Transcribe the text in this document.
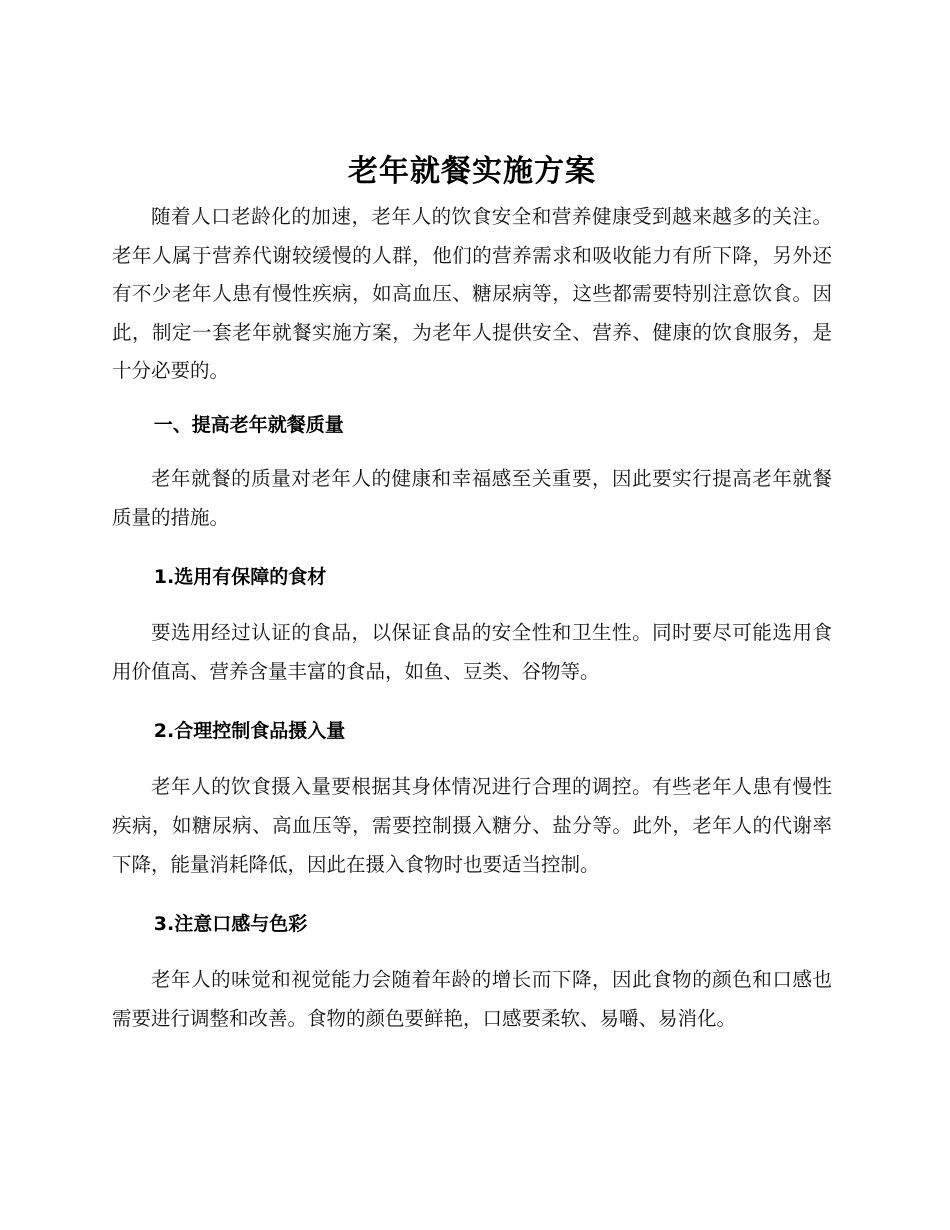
老年就餐实施方案

随着人口老龄化的加速，老年人的饮食安全和营养健康受到越来越多的关注。老年人属于营养代谢较缓慢的人群，他们的营养需求和吸收能力有所下降，另外还有不少老年人患有慢性疾病，如高血压、糖尿病等，这些都需要特别注意饮食。因此，制定一套老年就餐实施方案，为老年人提供安全、营养、健康的饮食服务，是十分必要的。

一、提高老年就餐质量

老年就餐的质量对老年人的健康和幸福感至关重要，因此要实行提高老年就餐质量的措施。

1.选用有保障的食材

要选用经过认证的食品，以保证食品的安全性和卫生性。同时要尽可能选用食用价值高、营养含量丰富的食品，如鱼、豆类、谷物等。

2.合理控制食品摄入量

老年人的饮食摄入量要根据其身体情况进行合理的调控。有些老年人患有慢性疾病，如糖尿病、高血压等，需要控制摄入糖分、盐分等。此外，老年人的代谢率下降，能量消耗降低，因此在摄入食物时也要适当控制。

3.注意口感与色彩

老年人的味觉和视觉能力会随着年龄的增长而下降，因此食物的颜色和口感也需要进行调整和改善。食物的颜色要鲜艳，口感要柔软、易嚼、易消化。
